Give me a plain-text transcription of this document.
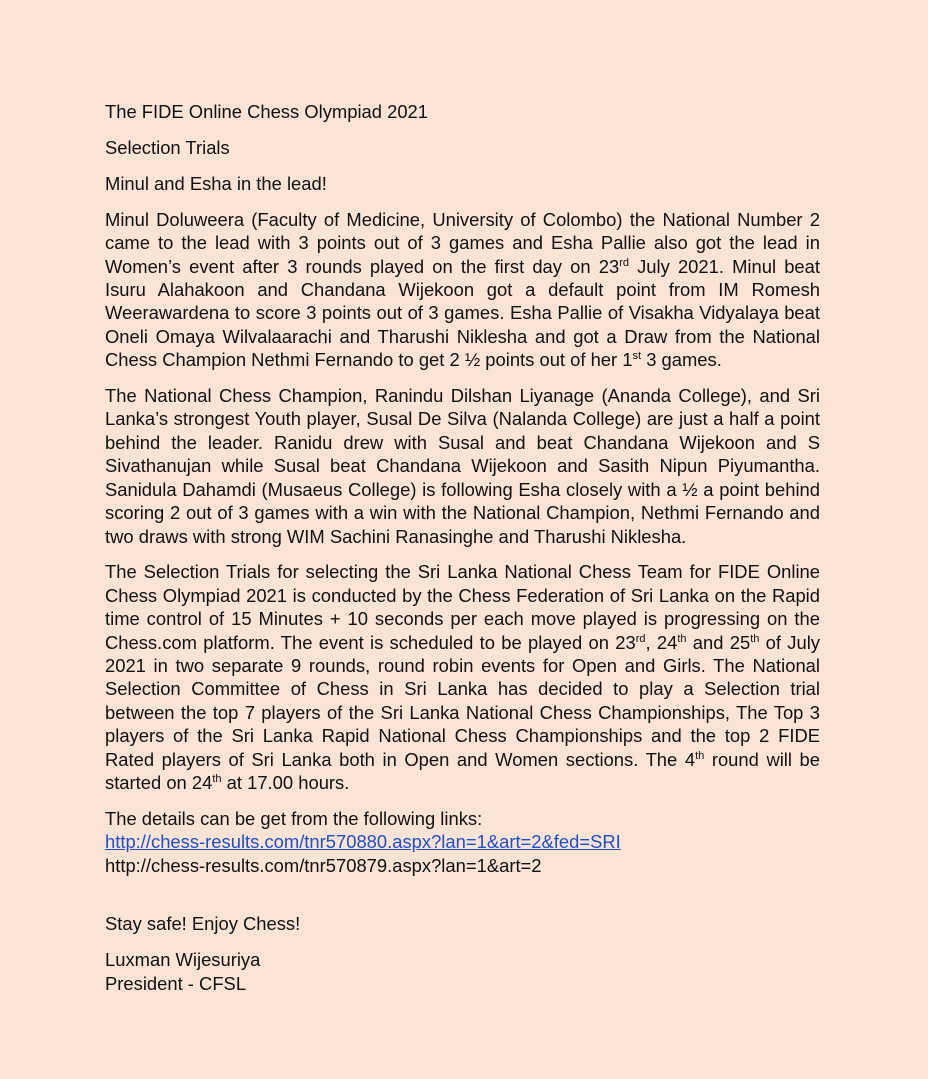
The FIDE Online Chess Olympiad 2021
Selection Trials
Minul and Esha in the lead!

Minul Doluweera (Faculty of Medicine, University of Colombo) the National Number 2 came to the lead with 3 points out of 3 games and Esha Pallie also got the lead in Women’s event after 3 rounds played on the first day on 23rd July 2021. Minul beat Isuru Alahakoon and Chandana Wijekoon got a default point from IM Romesh Weerawardena to score 3 points out of 3 games. Esha Pallie of Visakha Vidyalaya beat Oneli Omaya Wilvalaarachi and Tharushi Niklesha and got a Draw from the National Chess Champion Nethmi Fernando to get 2 ½ points out of her 1st 3 games.

The National Chess Champion, Ranindu Dilshan Liyanage (Ananda College), and Sri Lanka’s strongest Youth player, Susal De Silva (Nalanda College) are just a half a point behind the leader. Ranidu drew with Susal and beat Chandana Wijekoon and S Sivathanujan while Susal beat Chandana Wijekoon and Sasith Nipun Piyumantha. Sanidula Dahamdi (Musaeus College) is following Esha closely with a ½ a point behind scoring 2 out of 3 games with a win with the National Champion, Nethmi Fernando and two draws with strong WIM Sachini Ranasinghe and Tharushi Niklesha.

The Selection Trials for selecting the Sri Lanka National Chess Team for FIDE Online Chess Olympiad 2021 is conducted by the Chess Federation of Sri Lanka on the Rapid time control of 15 Minutes + 10 seconds per each move played is progressing on the Chess.com platform. The event is scheduled to be played on 23rd, 24th and 25th of July 2021 in two separate 9 rounds, round robin events for Open and Girls. The National Selection Committee of Chess in Sri Lanka has decided to play a Selection trial between the top 7 players of the Sri Lanka National Chess Championships, The Top 3 players of the Sri Lanka Rapid National Chess Championships and the top 2 FIDE Rated players of Sri Lanka both in Open and Women sections. The 4th round will be started on 24th at 17.00 hours.

The details can be get from the following links:
http://chess-results.com/tnr570880.aspx?lan=1&art=2&fed=SRI
http://chess-results.com/tnr570879.aspx?lan=1&art=2
Stay safe! Enjoy Chess!
Luxman Wijesuriya
President - CFSL
